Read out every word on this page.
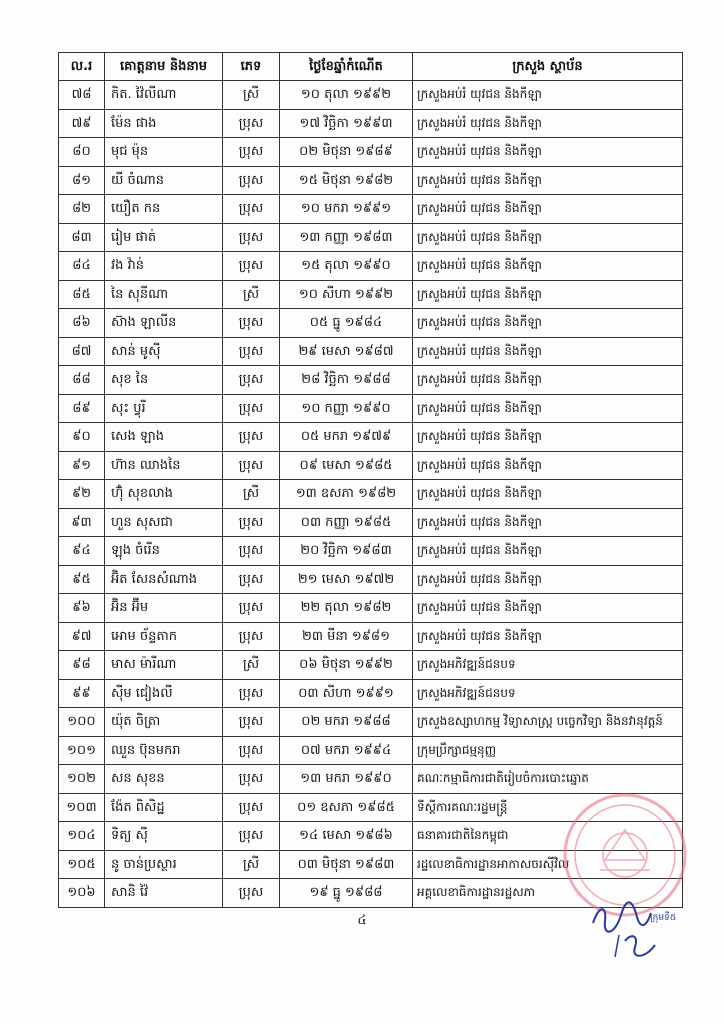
ល.រ	គោត្តនាម និងនាម	ភេទ	ថ្ងៃខែឆ្នាំកំណើត	ក្រសួង ស្ថាប័ន
៧៨	កិត. វ៉ៃលីណា	ស្រី	១០ តុលា ១៩៩២	ក្រសួងអប់រំ យុវជន និងកីឡា
៧៩	ម៉ែន ផាង	ប្រុស	១៧ វិច្ឆិកា ១៩៩៣	ក្រសួងអប់រំ យុវជន និងកីឡា
៨០	មុជ ម៉ុន	ប្រុស	០២ មិថុនា ១៩៨៩	ក្រសួងអប់រំ យុវជន និងកីឡា
៨១	យី ចំណាន	ប្រុស	១៥ មិថុនា ១៩៨២	ក្រសួងអប់រំ យុវជន និងកីឡា
៨២	យឿត កន	ប្រុស	១០ មករា ១៩៩១	ក្រសួងអប់រំ យុវជន និងកីឡា
៨៣	រៀម ផាត់	ប្រុស	១៣ កញ្ញា ១៩៨៣	ក្រសួងអប់រំ យុវជន និងកីឡា
៨៤	វង វ៉ាន់	ប្រុស	១៥ តុលា ១៩៩០	ក្រសួងអប់រំ យុវជន និងកីឡា
៨៥	នៃ សុនីណា	ស្រី	១០ សីហា ១៩៩២	ក្រសួងអប់រំ យុវជន និងកីឡា
៨៦	ស៊ាង ឡាលីន	ប្រុស	០៥ ធ្នូ ១៩៨៤	ក្រសួងអប់រំ យុវជន និងកីឡា
៨៧	សាន់ មូស៊ី	ប្រុស	២៩ មេសា ១៩៨៧	ក្រសួងអប់រំ យុវជន និងកីឡា
៨៨	សុខ នៃ	ប្រុស	២៨ វិច្ឆិកា ១៩៨៨	ក្រសួងអប់រំ យុវជន និងកីឡា
៨៩	សុះ ប្វុរី	ប្រុស	១០ កញ្ញា ១៩៩០	ក្រសួងអប់រំ យុវជន និងកីឡា
៩០	សេង ឡាង	ប្រុស	០៥ មករា ១៩៧៩	ក្រសួងអប់រំ យុវជន និងកីឡា
៩១	ហ៊ាន ឈាងនៃ	ប្រុស	០៩ មេសា ១៩៨៥	ក្រសួងអប់រំ យុវជន និងកីឡា
៩២	ហ៊ុំ សុខលាង	ស្រី	១៣ ឧសភា ១៩៨២	ក្រសួងអប់រំ យុវជន និងកីឡា
៩៣	ហួន សុសជា	ប្រុស	០៣ កញ្ញា ១៩៨៥	ក្រសួងអប់រំ យុវជន និងកីឡា
៩៤	ឡុង ចំរើន	ប្រុស	២០ វិច្ឆិកា ១៩៨៣	ក្រសួងអប់រំ យុវជន និងកីឡា
៩៥	អ៊ិត សែនសំណាង	ប្រុស	២១ មេសា ១៩៧២	ក្រសួងអប់រំ យុវជន និងកីឡា
៩៦	អ៊ិន អ៊ីម	ប្រុស	២២ តុលា ១៩៨២	ក្រសួងអប់រំ យុវជន និងកីឡា
៩៧	អោម ច័ន្ទតាក	ប្រុស	២៣ មីនា ១៩៨១	ក្រសួងអប់រំ យុវជន និងកីឡា
៩៨	មាស ម៉ារីណា	ស្រី	០៦ មិថុនា ១៩៩២	ក្រសួងអភិវឌ្ឍន៍ជនបទ
៩៩	ស៊ីម ជៀងលី	ប្រុស	០៣ សីហា ១៩៩១	ក្រសួងអភិវឌ្ឍន៍ជនបទ
១០០	យ៉ុត ចិត្រា	ប្រុស	០២ មករា ១៩៨៨	ក្រសួងឧស្សាហកម្ម វិទ្យាសាស្ត្រ បច្ចេកវិទ្យា និងនវានុវត្តន៍
១០១	ឈួន ប៊ុនមករា	ប្រុស	០៧ មករា ១៩៩៤	ក្រុមប្រឹក្សាជម្មនុញ្ញ
១០២	សន សុខន	ប្រុស	១៣ មករា ១៩៩០	គណៈកម្មាធិការជាតិរៀបចំការបោះឆ្នោត
១០៣	ង៉ែត ពិសិដ្ឋ	ប្រុស	០១ ឧសភា ១៩៨៥	ទីស្តីការគណៈរដ្ឋមន្ត្រី
១០៤	ទិត្យ ស៊ី	ប្រុស	១៤ មេសា ១៩៨៦	ធនាគារជាតិនៃកម្ពុជា
១០៥	នូ ចាន់ប្រស្ថារ	ស្រី	០៣ មិថុនា ១៩៨៣	រដ្ឋលេខាធិការដ្ឋានអាកាសចរស៊ីវិល
១០៦	សានិ វ៉ៃ	ប្រុស	១៩ ធ្នូ ១៩៨៨	អគ្គលេខាធិការដ្ឋានរដ្ឋសភា
ក្រុមទី៥
៤
